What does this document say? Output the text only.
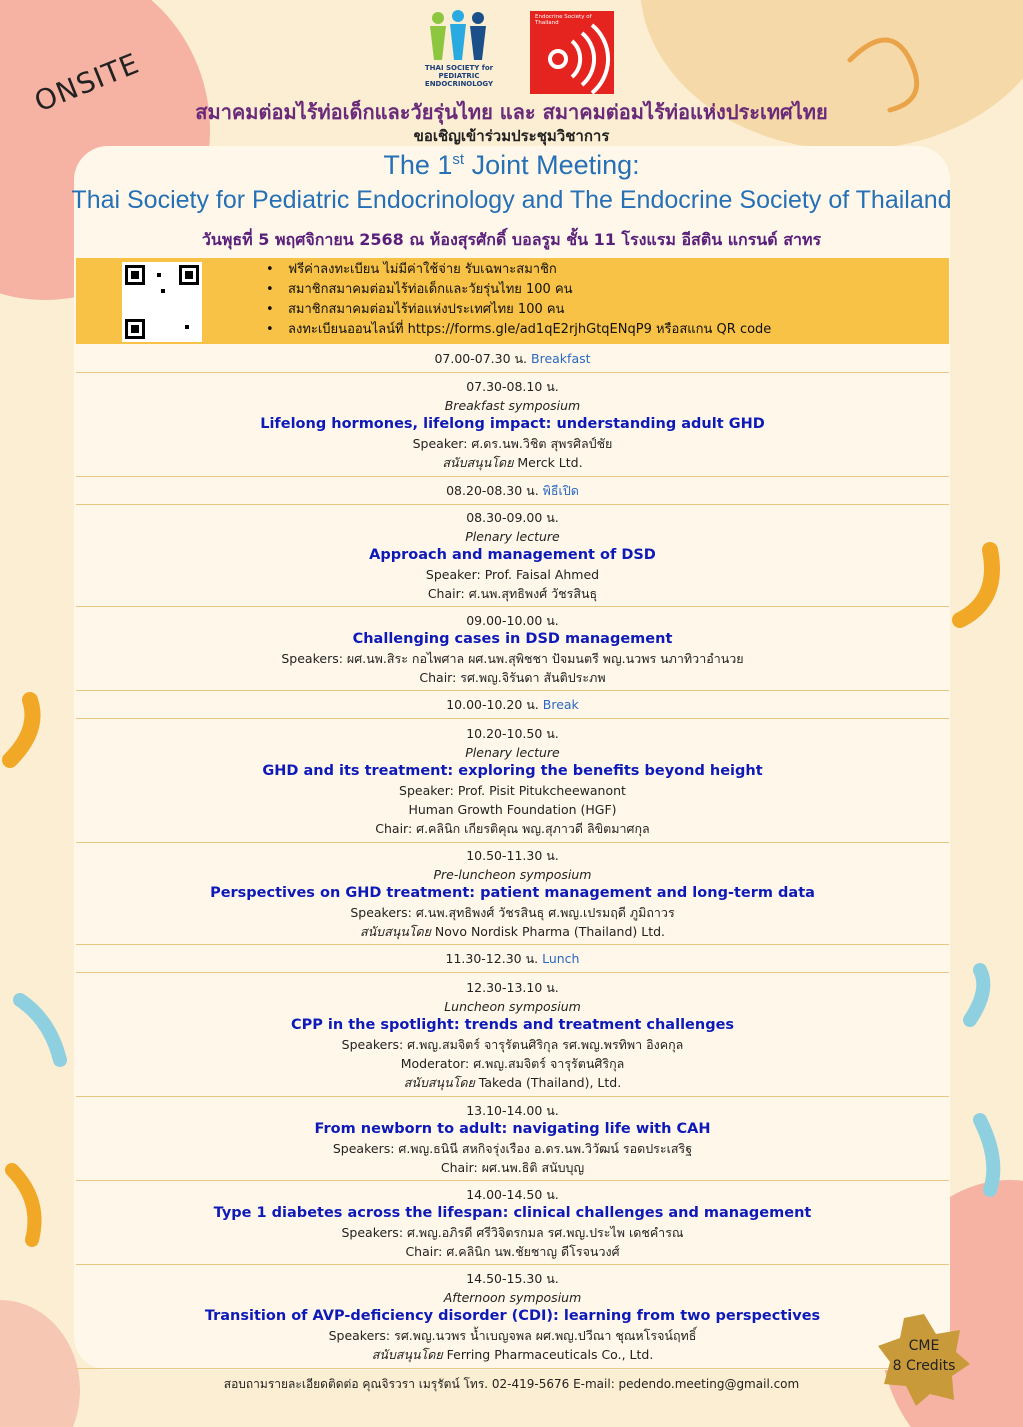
ONSITE	THAI SOCIETY for PEDIATRIC ENDOCRINOLOGY
Endocrine Society of Thailand
สมาคมต่อมไร้ท่อเด็กและวัยรุ่นไทย และ สมาคมต่อมไร้ท่อแห่งประเทศไทย
ขอเชิญเข้าร่วมประชุมวิชาการ
The 1st Joint Meeting:
Thai Society for Pediatric Endocrinology and The Endocrine Society of Thailand
วันพุธที่ 5 พฤศจิกายน 2568 ณ ห้องสุรศักดิ์ บอลรูม ชั้น 11 โรงแรม อีสติน แกรนด์ สาทร
• ฟรีค่าลงทะเบียน ไม่มีค่าใช้จ่าย รับเฉพาะสมาชิก
• สมาชิกสมาคมต่อมไร้ท่อเด็กและวัยรุ่นไทย 100 คน
• สมาชิกสมาคมต่อมไร้ท่อแห่งประเทศไทย 100 คน
• ลงทะเบียนออนไลน์ที่ https://forms.gle/ad1qE2rjhGtqENqP9 หรือสแกน QR code
07.00-07.30 น. Breakfast
07.30-08.10 น.
Breakfast symposium
Lifelong hormones, lifelong impact: understanding adult GHD
Speaker: ศ.ดร.นพ.วิชิต สุพรศิลป์ชัย
สนับสนุนโดย Merck Ltd.
08.20-08.30 น. พิธีเปิด
08.30-09.00 น.
Plenary lecture
Approach and management of DSD
Speaker: Prof. Faisal Ahmed
Chair: ศ.นพ.สุทธิพงศ์ วัชรสินธุ
09.00-10.00 น.
Challenging cases in DSD management
Speakers: ผศ.นพ.สิระ กอไพศาล ผศ.นพ.สุพิชชา ปัจมนตรี พญ.นวพร นภาทิวาอำนวย
Chair: รศ.พญ.จิรันดา สันติประภพ
10.00-10.20 น. Break
10.20-10.50 น.
Plenary lecture
GHD and its treatment: exploring the benefits beyond height
Speaker: Prof. Pisit Pitukcheewanont
Human Growth Foundation (HGF)
Chair: ศ.คลินิก เกียรติคุณ พญ.สุภาวดี ลิขิตมาศกุล
10.50-11.30 น.
Pre-luncheon symposium
Perspectives on GHD treatment: patient management and long-term data
Speakers: ศ.นพ.สุทธิพงศ์ วัชรสินธุ ศ.พญ.เปรมฤดี ภูมิถาวร
สนับสนุนโดย Novo Nordisk Pharma (Thailand) Ltd.
11.30-12.30 น. Lunch
12.30-13.10 น.
Luncheon symposium
CPP in the spotlight: trends and treatment challenges
Speakers: ศ.พญ.สมจิตร์ จารุรัตนศิริกุล รศ.พญ.พรทิพา อิงคกุล
Moderator: ศ.พญ.สมจิตร์ จารุรัตนศิริกุล
สนับสนุนโดย Takeda (Thailand), Ltd.
13.10-14.00 น.
From newborn to adult: navigating life with CAH
Speakers: ศ.พญ.ธนินี สหกิจรุ่งเรือง อ.ดร.นพ.วิวัฒน์ รอดประเสริฐ
Chair: ผศ.นพ.ธิติ สนับบุญ
14.00-14.50 น.
Type 1 diabetes across the lifespan: clinical challenges and management
Speakers: ศ.พญ.อภิรดี ศรีวิจิตรกมล รศ.พญ.ประไพ เดชคำรณ
Chair: ศ.คลินิก นพ.ชัยชาญ ดีโรจนวงศ์
14.50-15.30 น.
Afternoon symposium
Transition of AVP-deficiency disorder (CDI): learning from two perspectives
Speakers: รศ.พญ.นวพร น้ำเบญจพล ผศ.พญ.ปวีณา ชุณหโรจน์ฤทธิ์
สนับสนุนโดย Ferring Pharmaceuticals Co., Ltd.
สอบถามรายละเอียดติดต่อ คุณจิรวรา เมรุรัตน์ โทร. 02-419-5676 E-mail: pedendo.meeting@gmail.com
CME
8 Credits
